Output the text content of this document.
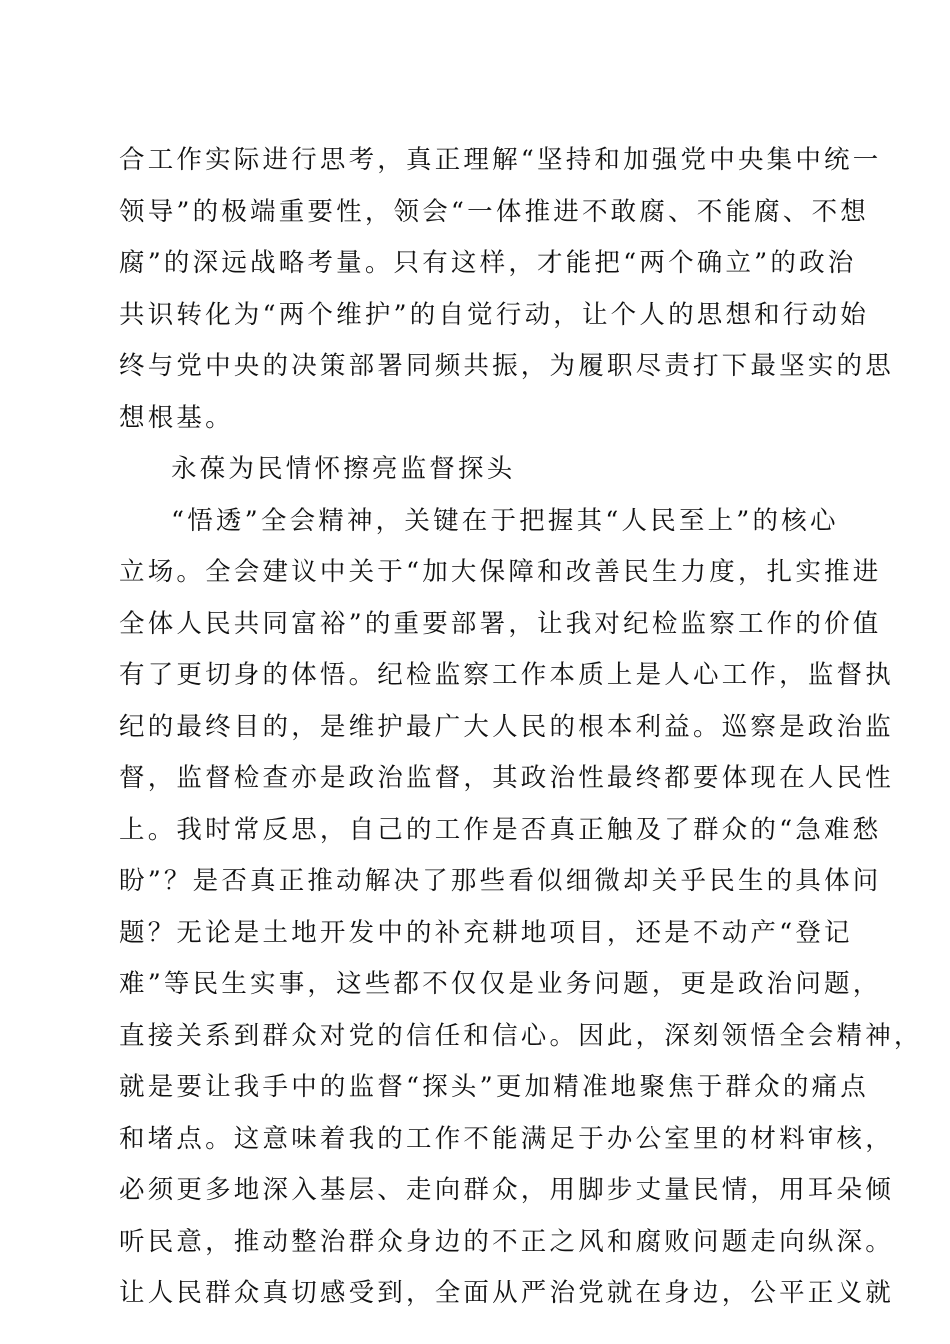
合工作实际进行思考，真正理解“坚持和加强党中央集中统一
领导”的极端重要性，领会“一体推进不敢腐、不能腐、不想
腐”的深远战略考量。只有这样，才能把“两个确立”的政治
共识转化为“两个维护”的自觉行动，让个人的思想和行动始
终与党中央的决策部署同频共振，为履职尽责打下最坚实的思
想根基。
永葆为民情怀擦亮监督探头
“悟透”全会精神，关键在于把握其“人民至上”的核心
立场。全会建议中关于“加大保障和改善民生力度，扎实推进
全体人民共同富裕”的重要部署，让我对纪检监察工作的价值
有了更切身的体悟。纪检监察工作本质上是人心工作，监督执
纪的最终目的，是维护最广大人民的根本利益。巡察是政治监
督，监督检查亦是政治监督，其政治性最终都要体现在人民性
上。我时常反思，自己的工作是否真正触及了群众的“急难愁
盼”？是否真正推动解决了那些看似细微却关乎民生的具体问
题？无论是土地开发中的补充耕地项目，还是不动产“登记
难”等民生实事，这些都不仅仅是业务问题，更是政治问题，
直接关系到群众对党的信任和信心。因此，深刻领悟全会精神，
就是要让我手中的监督“探头”更加精准地聚焦于群众的痛点
和堵点。这意味着我的工作不能满足于办公室里的材料审核，
必须更多地深入基层、走向群众，用脚步丈量民情，用耳朵倾
听民意，推动整治群众身边的不正之风和腐败问题走向纵深。
让人民群众真切感受到，全面从严治党就在身边，公平正义就
